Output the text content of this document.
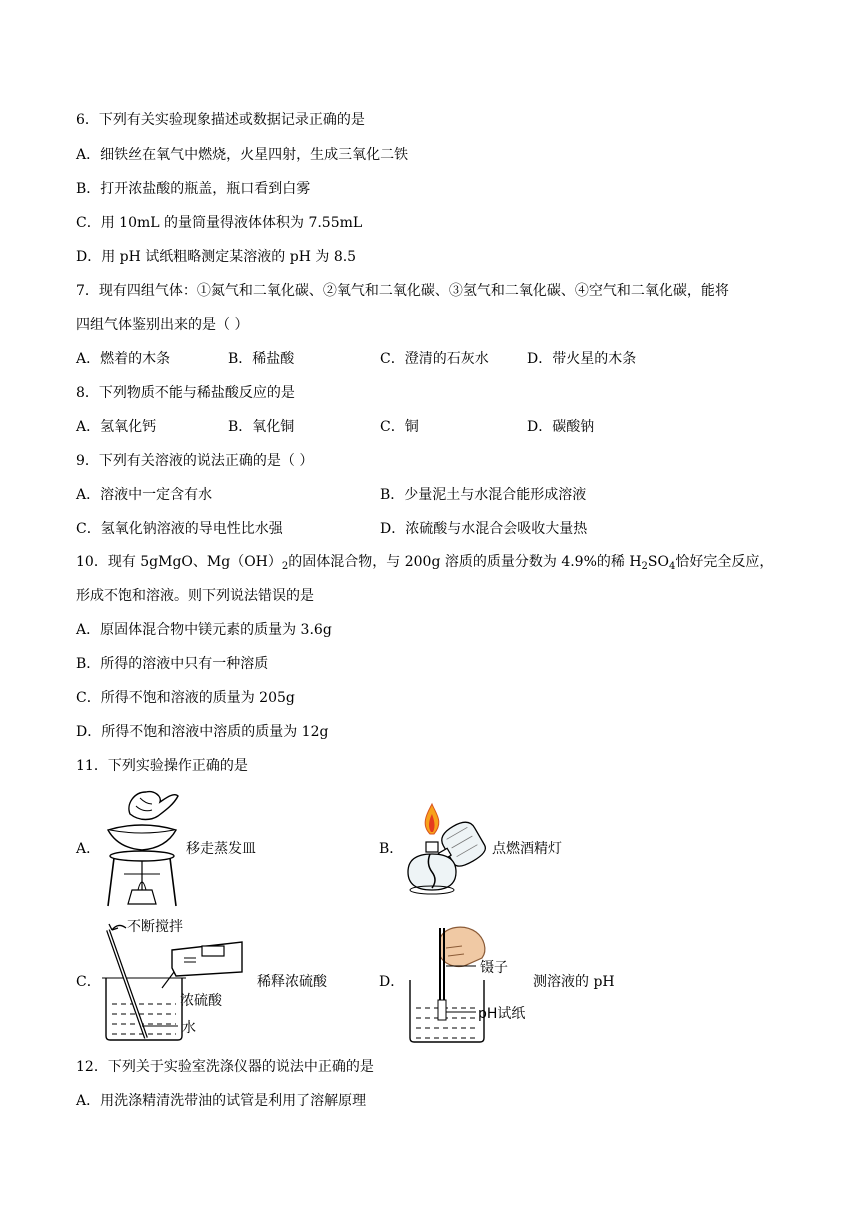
6．下列有关实验现象描述或数据记录正确的是
A．细铁丝在氧气中燃烧，火星四射，生成三氧化二铁
B．打开浓盐酸的瓶盖，瓶口看到白雾
C．用 10mL 的量筒量得液体体积为 7.55mL
D．用 pH 试纸粗略测定某溶液的 pH 为 8.5
7．现有四组气体：①氮气和二氧化碳、②氧气和二氧化碳、③氢气和二氧化碳、④空气和二氧化碳，能将
四组气体鉴别出来的是（ ）
A．燃着的木条	B．稀盐酸	C．澄清的石灰水	D．带火星的木条
8．下列物质不能与稀盐酸反应的是
A．氢氧化钙	B．氧化铜	C．铜	D．碳酸钠
9．下列有关溶液的说法正确的是（ ）
A．溶液中一定含有水	B．少量泥土与水混合能形成溶液
C．氢氧化钠溶液的导电性比水强	D．浓硫酸与水混合会吸收大量热
10．现有 5gMgO、$Mg(OH)_2$的固体混合物，与 200g 溶质的质量分数为 4.9%的稀 $H_2SO_4$恰好完全反应，
形成不饱和溶液。则下列说法错误的是
A．原固体混合物中镁元素的质量为 3.6g
B．所得的溶液中只有一种溶质
C．所得不饱和溶液的质量为 205g
D．所得不饱和溶液中溶质的质量为 12g
11．下列实验操作正确的是
A．	移走蒸发皿	B．	点燃酒精灯
C．
不断搅拌
浓硫酸
水
稀释浓硫酸	D．
镊子
pH试纸
测溶液的 pH
12．下列关于实验室洗涤仪器的说法中正确的是
A．用洗涤精清洗带油的试管是利用了溶解原理
